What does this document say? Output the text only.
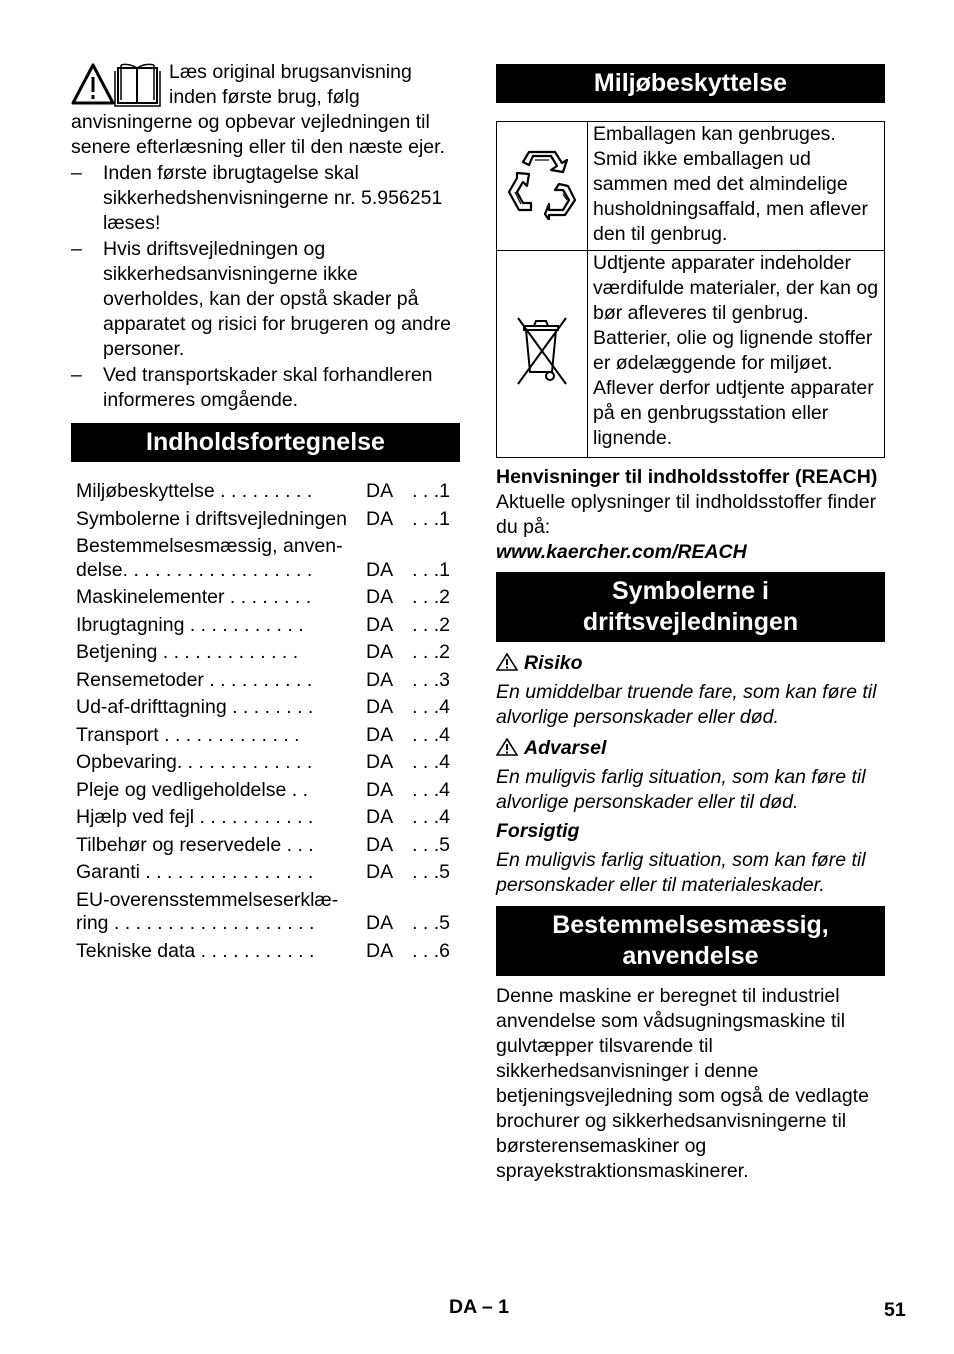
Læs original brugsanvisning inden første brug, følg anvisningerne og opbevar vejledningen til senere efterlæsning eller til den næste ejer.

– Inden første ibrugtagelse skal sikkerhedshenvisningerne nr. 5.956251 læses!
– Hvis driftsvejledningen og sikkerhedsanvisningerne ikke overholdes, kan der opstå skader på apparatet og risici for brugeren og andre personer.
– Ved transportskader skal forhandleren informeres omgående.
Indholdsfortegnelse
Miljøbeskyttelse . . . . . . . . .	DA . . .1
Symbolerne i driftsvejledningen DA . . .1
Bestemmelsesmæssig, anven-
delse. . . . . . . . . . . . . . . . . .	DA . . .1
Maskinelementer . . . . . . . .	DA . . .2
Ibrugtagning . . . . . . . . . . .	DA . . .2
Betjening . . . . . . . . . . . . .	DA . . .2
Rensemetoder . . . . . . . . . .	DA . . .3
Ud-af-drifttagning . . . . . . . .	DA . . .4
Transport . . . . . . . . . . . . .	DA . . .4
Opbevaring. . . . . . . . . . . . .	DA . . .4
Pleje og vedligeholdelse . .	DA . . .4
Hjælp ved fejl . . . . . . . . . . .	DA . . .4
Tilbehør og reservedele . . .	DA . . .5
Garanti . . . . . . . . . . . . . . . .	DA . . .5
EU-overensstemmelseserklæ-
ring . . . . . . . . . . . . . . . . . . .	DA . . .5
Tekniske data . . . . . . . . . . .	DA . . .6
Miljøbeskyttelse
	Emballagen kan genbruges. Smid ikke emballagen ud sammen med det almindelige husholdningsaffald, men aflever den til genbrug.
	Udtjente apparater indeholder værdifulde materialer, der kan og bør afleveres til genbrug. Batterier, olie og lignende stoffer er ødelæggende for miljøet. Aflever derfor udtjente apparater på en genbrugsstation eller lignende.

Henvisninger til indholdsstoffer (REACH)

Aktuelle oplysninger til indholdsstoffer finder du på:

www.kaercher.com/REACH

Symbolerne i driftsvejledningen

Risiko

En umiddelbar truende fare, som kan føre til alvorlige personskader eller død.

Advarsel

En muligvis farlig situation, som kan føre til alvorlige personskader eller til død.

Forsigtig

En muligvis farlig situation, som kan føre til personskader eller til materialeskader.

Bestemmelsesmæssig, anvendelse

Denne maskine er beregnet til industriel anvendelse som vådsugningsmaskine til gulvtæpper tilsvarende til sikkerhedsanvisninger i denne betjeningsvejledning som også de vedlagte brochurer og sikkerhedsanvisningerne til børsterensemaskiner og sprayekstraktionsmaskinerer.

DA – 1	51
